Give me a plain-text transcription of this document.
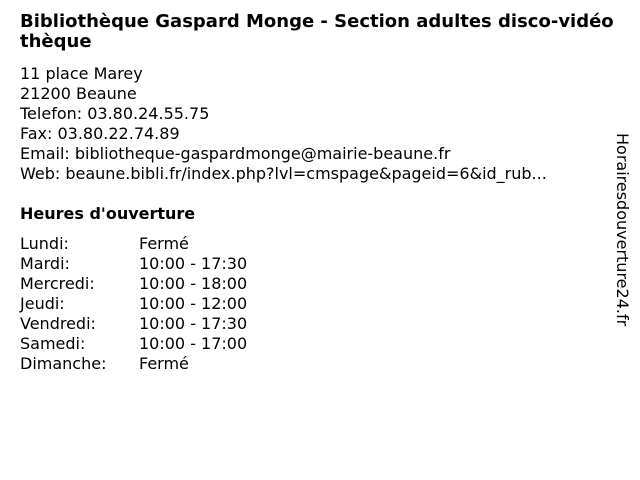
Bibliothèque Gaspard Monge - Section adultes disco-vidéothèque
11 place Marey
21200 Beaune
Telefon: 03.80.24.55.75
Fax: 03.80.22.74.89
Email: bibliotheque-gaspardmonge@mairie-beaune.fr
Web: beaune.bibli.fr/index.php?lvl=cmspage&pageid=6&id_rub...
Heures d'ouverture
Lundi:	Fermé
Mardi:	10:00 - 17:30
Mercredi:	10:00 - 18:00
Jeudi:	10:00 - 12:00
Vendredi:	10:00 - 17:30
Samedi:	10:00 - 17:00
Dimanche:	Fermé
Horairesdouverture24.fr
